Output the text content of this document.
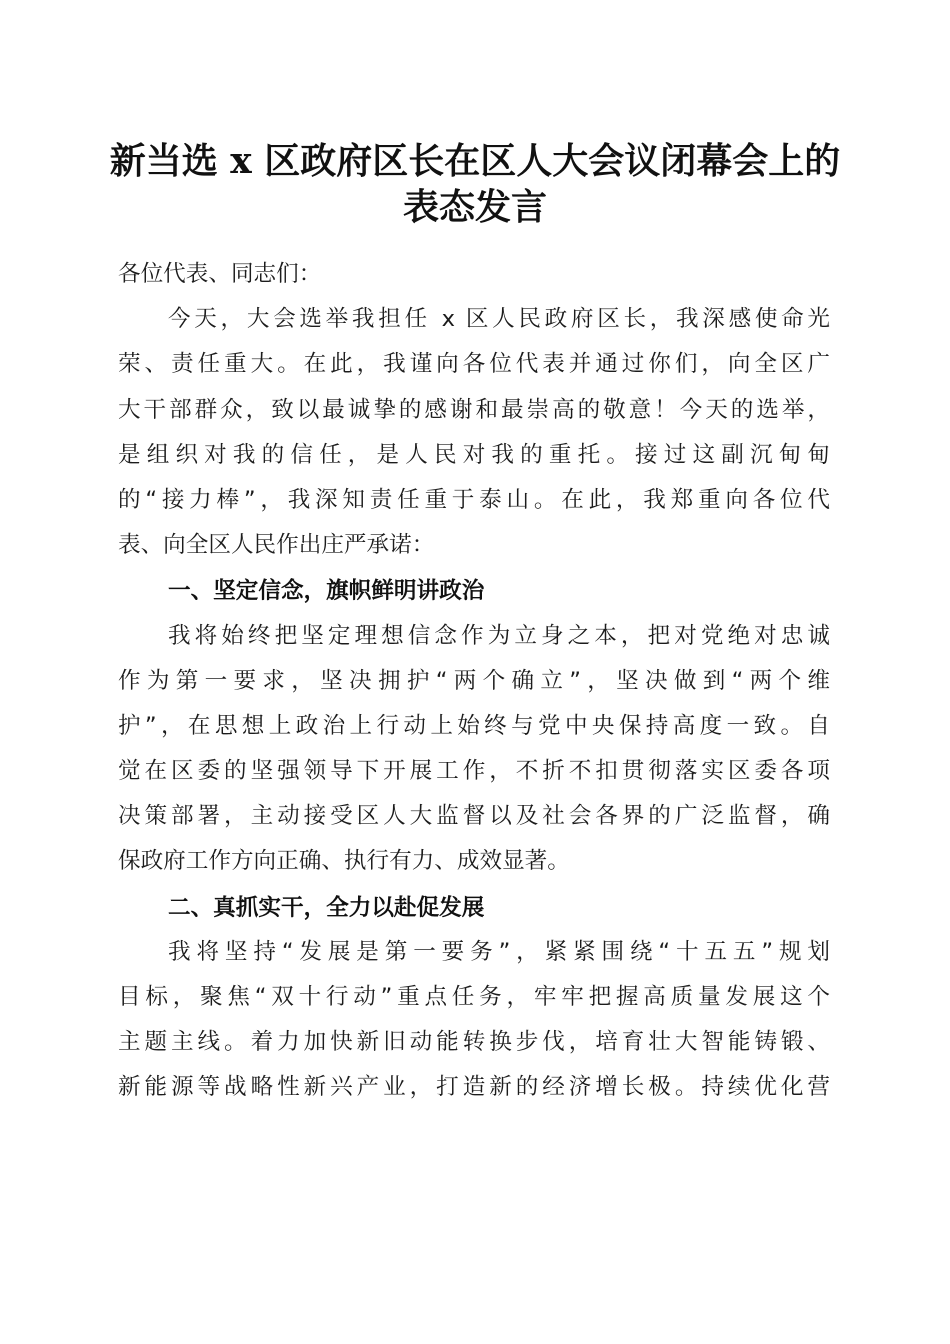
新当选 x 区政府区长在区人大会议闭幕会上的
表态发言
各位代表、同志们：
今天，大会选举我担任 x 区人民政府区长，我深感使命光
荣、责任重大。在此，我谨向各位代表并通过你们，向全区广
大干部群众，致以最诚挚的感谢和最崇高的敬意！今天的选举，
是组织对我的信任，是人民对我的重托。接过这副沉甸甸
的“接力棒”，我深知责任重于泰山。在此，我郑重向各位代
表、向全区人民作出庄严承诺：
一、坚定信念，旗帜鲜明讲政治
我将始终把坚定理想信念作为立身之本，把对党绝对忠诚
作为第一要求，坚决拥护“两个确立”，坚决做到“两个维
护”，在思想上政治上行动上始终与党中央保持高度一致。自
觉在区委的坚强领导下开展工作，不折不扣贯彻落实区委各项
决策部署，主动接受区人大监督以及社会各界的广泛监督，确
保政府工作方向正确、执行有力、成效显著。
二、真抓实干，全力以赴促发展
我将坚持“发展是第一要务”，紧紧围绕“十五五”规划
目标，聚焦“双十行动”重点任务，牢牢把握高质量发展这个
主题主线。着力加快新旧动能转换步伐，培育壮大智能铸锻、
新能源等战略性新兴产业，打造新的经济增长极。持续优化营
